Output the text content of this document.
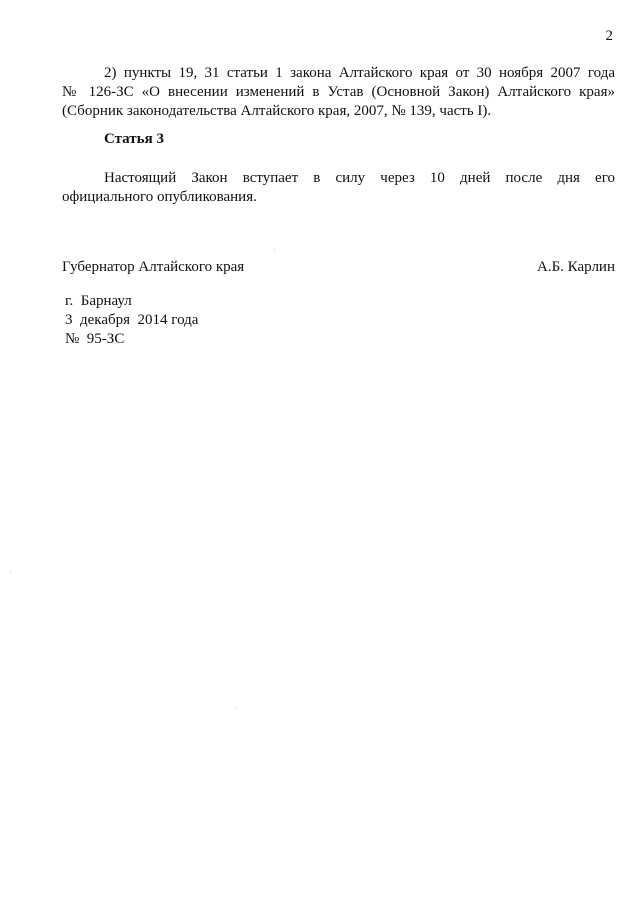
2
2) пункты 19, 31 статьи 1 закона Алтайского края от 30 ноября 2007 года
№ 126-ЗС «О внесении изменений в Устав (Основной Закон) Алтайского края»
(Сборник законодательства Алтайского края, 2007, № 139, часть I).
Статья 3
Настоящий Закон вступает в силу через 10 дней после дня его
официального опубликования.
Губернатор Алтайского края	А.Б. Карлин
г.  Барнаул
3  декабря  2014 года
№  95-ЗС
